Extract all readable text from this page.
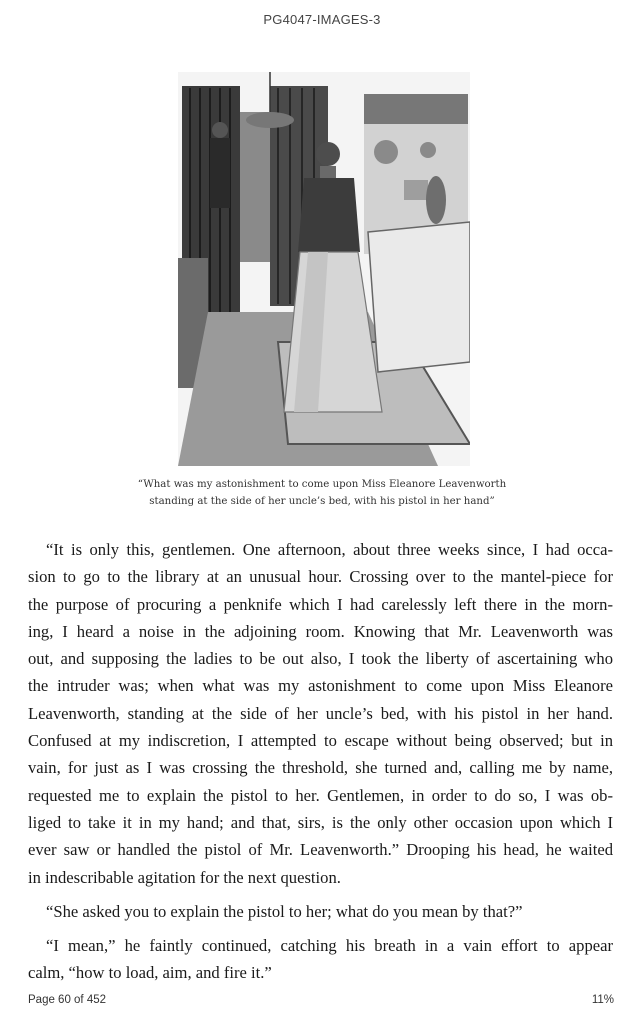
PG4047-IMAGES-3
“What was my astonishment to come upon Miss Eleanore Leavenworth
standing at the side of her uncle’s bed, with his pistol in her hand”

“It is only this, gentlemen. One afternoon, about three weeks since, I had occa-
sion to go to the library at an unusual hour. Crossing over to the mantel-piece for
the purpose of procuring a penknife which I had carelessly left there in the morn-
ing, I heard a noise in the adjoining room. Knowing that Mr. Leavenworth was
out, and supposing the ladies to be out also, I took the liberty of ascertaining who
the intruder was; when what was my astonishment to come upon Miss Eleanore
Leavenworth, standing at the side of her uncle’s bed, with his pistol in her hand.
Confused at my indiscretion, I attempted to escape without being observed; but in
vain, for just as I was crossing the threshold, she turned and, calling me by name,
requested me to explain the pistol to her. Gentlemen, in order to do so, I was ob-
liged to take it in my hand; and that, sirs, is the only other occasion upon which I
ever saw or handled the pistol of Mr. Leavenworth.” Drooping his head, he waited
in indescribable agitation for the next question.

“She asked you to explain the pistol to her; what do you mean by that?”

“I mean,” he faintly continued, catching his breath in a vain effort to appear
calm, “how to load, aim, and fire it.”

Page 60 of 452	11%
